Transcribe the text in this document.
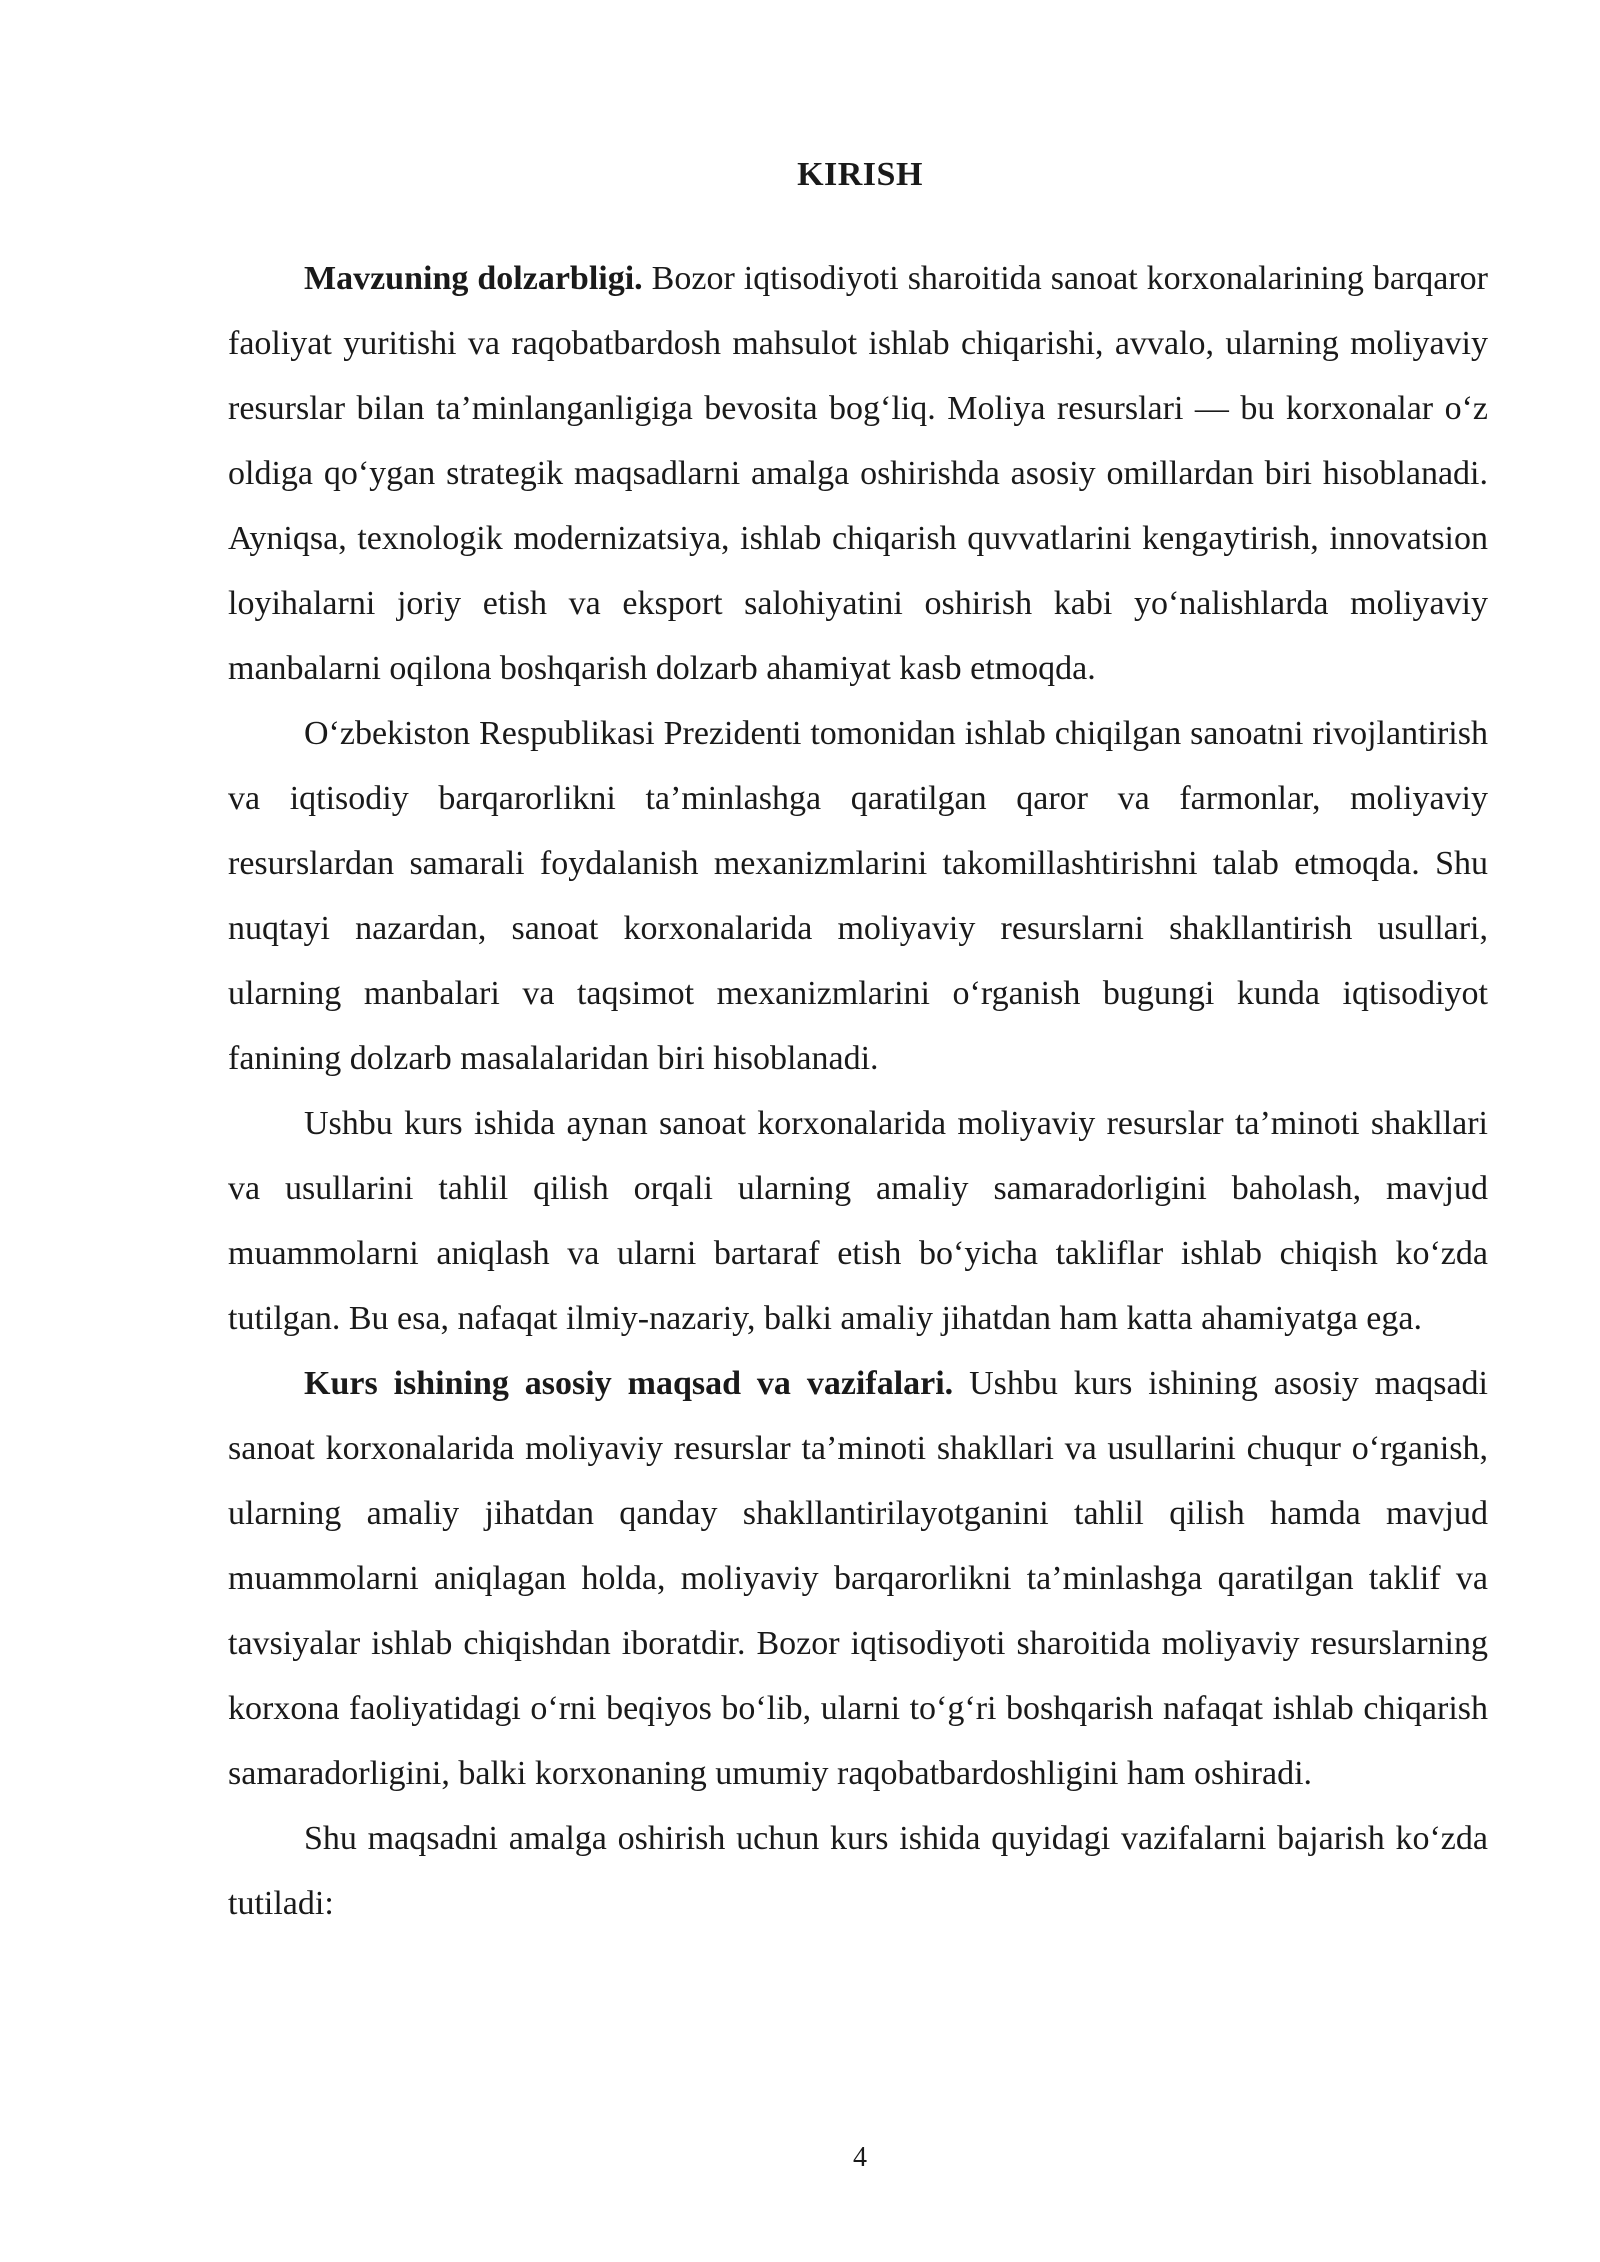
KIRISH

Mavzuning dolzarbligi. Bozor iqtisodiyoti sharoitida sanoat korxonalarining barqaror faoliyat yuritishi va raqobatbardosh mahsulot ishlab chiqarishi, avvalo, ularning moliyaviy resurslar bilan ta’minlanganligiga bevosita bog‘liq. Moliya resurslari — bu korxonalar o‘z oldiga qo‘ygan strategik maqsadlarni amalga oshirishda asosiy omillardan biri hisoblanadi. Ayniqsa, texnologik modernizatsiya, ishlab chiqarish quvvatlarini kengaytirish, innovatsion loyihalarni joriy etish va eksport salohiyatini oshirish kabi yo‘nalishlarda moliyaviy manbalarni oqilona boshqarish dolzarb ahamiyat kasb etmoqda.

O‘zbekiston Respublikasi Prezidenti tomonidan ishlab chiqilgan sanoatni rivojlantirish va iqtisodiy barqarorlikni ta’minlashga qaratilgan qaror va farmonlar, moliyaviy resurslardan samarali foydalanish mexanizmlarini takomillashtirishni talab etmoqda. Shu nuqtayi nazardan, sanoat korxonalarida moliyaviy resurslarni shakllantirish usullari, ularning manbalari va taqsimot mexanizmlarini o‘rganish bugungi kunda iqtisodiyot fanining dolzarb masalalaridan biri hisoblanadi.

Ushbu kurs ishida aynan sanoat korxonalarida moliyaviy resurslar ta’minoti shakllari va usullarini tahlil qilish orqali ularning amaliy samaradorligini baholash, mavjud muammolarni aniqlash va ularni bartaraf etish bo‘yicha takliflar ishlab chiqish ko‘zda tutilgan. Bu esa, nafaqat ilmiy-nazariy, balki amaliy jihatdan ham katta ahamiyatga ega.

Kurs ishining asosiy maqsad va vazifalari. Ushbu kurs ishining asosiy maqsadi sanoat korxonalarida moliyaviy resurslar ta’minoti shakllari va usullarini chuqur o‘rganish, ularning amaliy jihatdan qanday shakllantirilayotganini tahlil qilish hamda mavjud muammolarni aniqlagan holda, moliyaviy barqarorlikni ta’minlashga qaratilgan taklif va tavsiyalar ishlab chiqishdan iboratdir. Bozor iqtisodiyoti sharoitida moliyaviy resurslarning korxona faoliyatidagi o‘rni beqiyos bo‘lib, ularni to‘g‘ri boshqarish nafaqat ishlab chiqarish samaradorligini, balki korxonaning umumiy raqobatbardoshligini ham oshiradi.

Shu maqsadni amalga oshirish uchun kurs ishida quyidagi vazifalarni bajarish ko‘zda tutiladi:

4
